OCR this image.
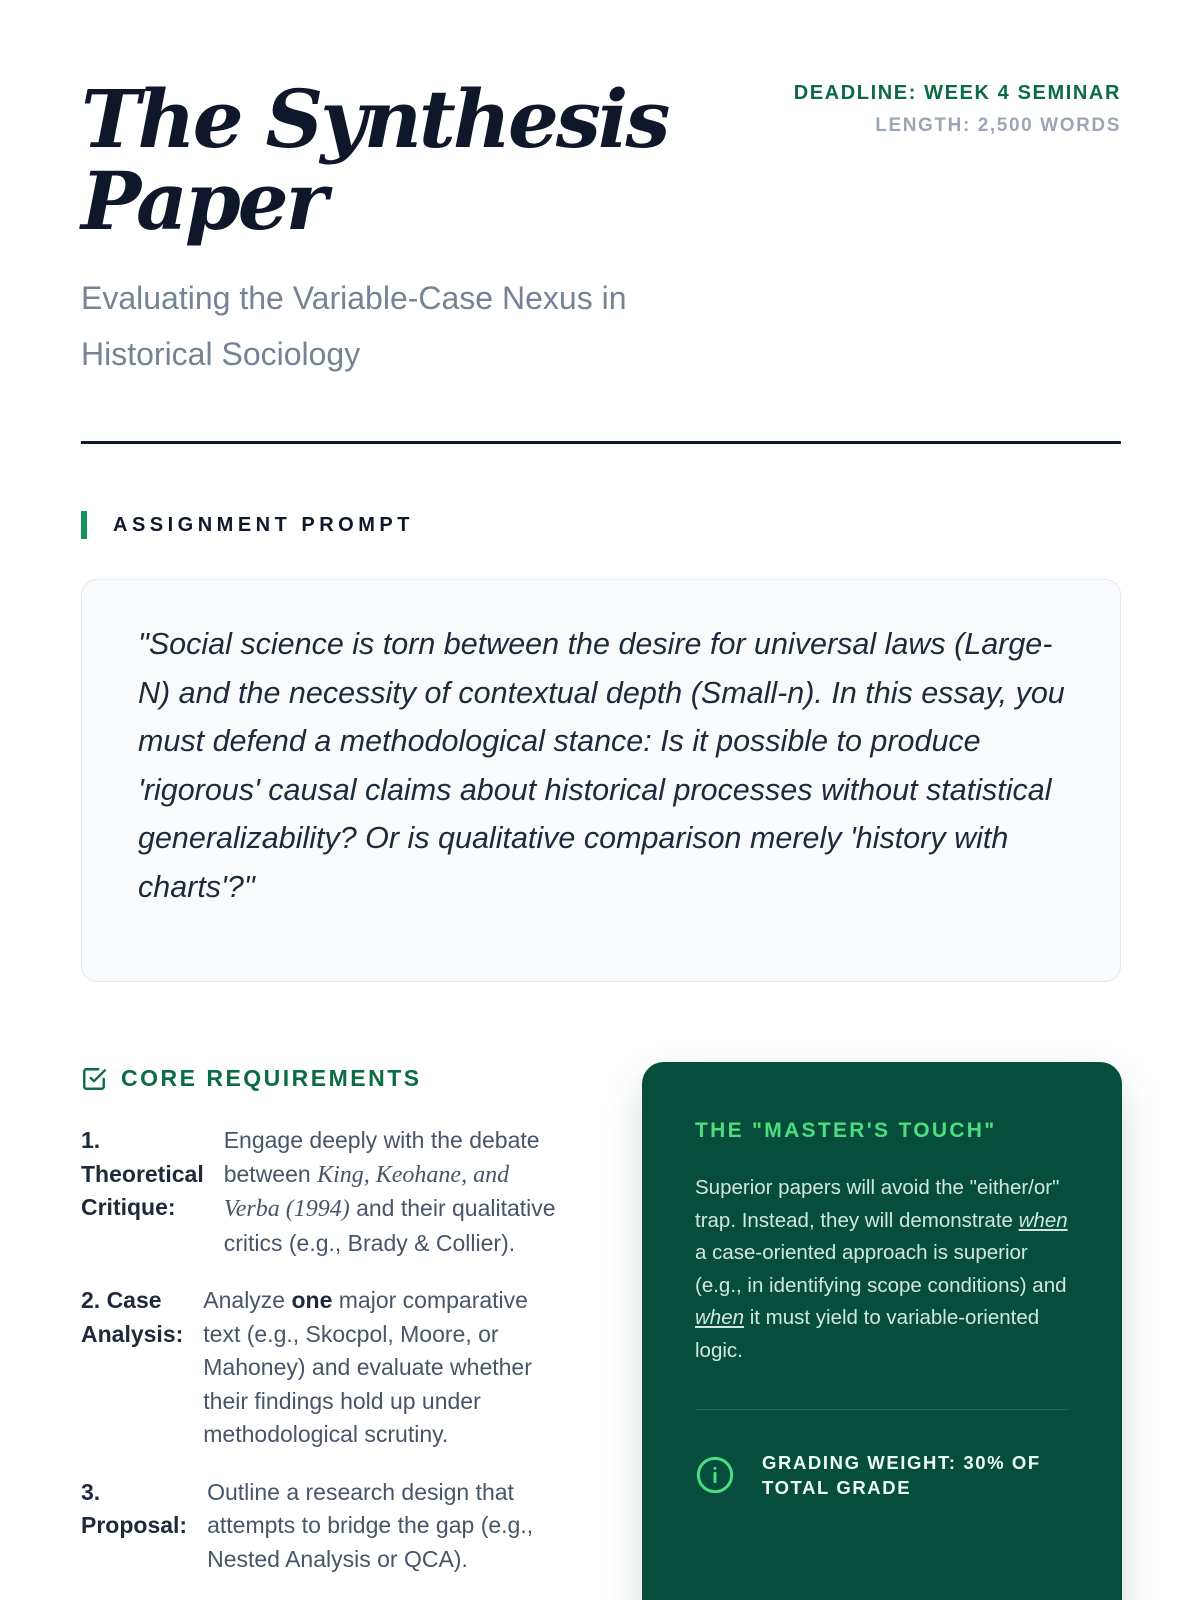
The Synthesis
Paper
Evaluating the Variable-Case Nexus in
Historical Sociology
DEADLINE: WEEK 4 SEMINAR
LENGTH: 2,500 WORDS
ASSIGNMENT PROMPT

"Social science is torn between the desire for universal laws (Large-N) and the necessity of contextual depth (Small-n). In this essay, you must defend a methodological stance: Is it possible to produce 'rigorous' causal claims about historical processes without statistical generalizability? Or is qualitative comparison merely 'history with charts'?"

CORE REQUIREMENTS
1.
Theoretical
Critique:
Engage deeply with the debate between King, Keohane, and Verba (1994) and their qualitative critics (e.g., Brady & Collier).
2. Case
Analysis:
Analyze one major comparative text (e.g., Skocpol, Moore, or Mahoney) and evaluate whether their findings hold up under methodological scrutiny.
3.
Proposal:
Outline a research design that attempts to bridge the gap (e.g., Nested Analysis or QCA).
THE "MASTER'S TOUCH"

Superior papers will avoid the "either/or" trap. Instead, they will demonstrate when a case-oriented approach is superior (e.g., in identifying scope conditions) and when it must yield to variable-oriented logic.

GRADING WEIGHT: 30% OF TOTAL GRADE
